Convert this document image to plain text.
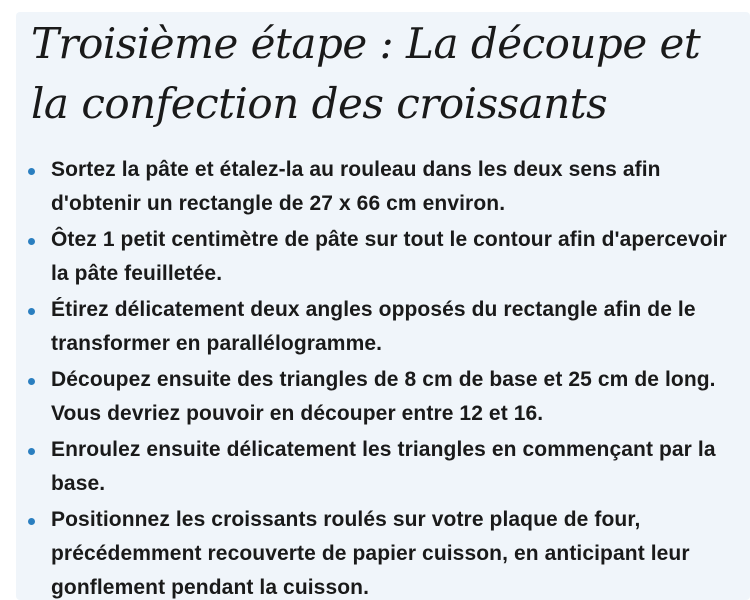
Troisième étape : La découpe et la confection des croissants
Sortez la pâte et étalez-la au rouleau dans les deux sens afin d'obtenir un rectangle de 27 x 66 cm environ.
Ôtez 1 petit centimètre de pâte sur tout le contour afin d'apercevoir la pâte feuilletée.
Étirez délicatement deux angles opposés du rectangle afin de le transformer en parallélogramme.
Découpez ensuite des triangles de 8 cm de base et 25 cm de long. Vous devriez pouvoir en découper entre 12 et 16.
Enroulez ensuite délicatement les triangles en commençant par la base.
Positionnez les croissants roulés sur votre plaque de four, précédemment recouverte de papier cuisson, en anticipant leur gonflement pendant la cuisson.
